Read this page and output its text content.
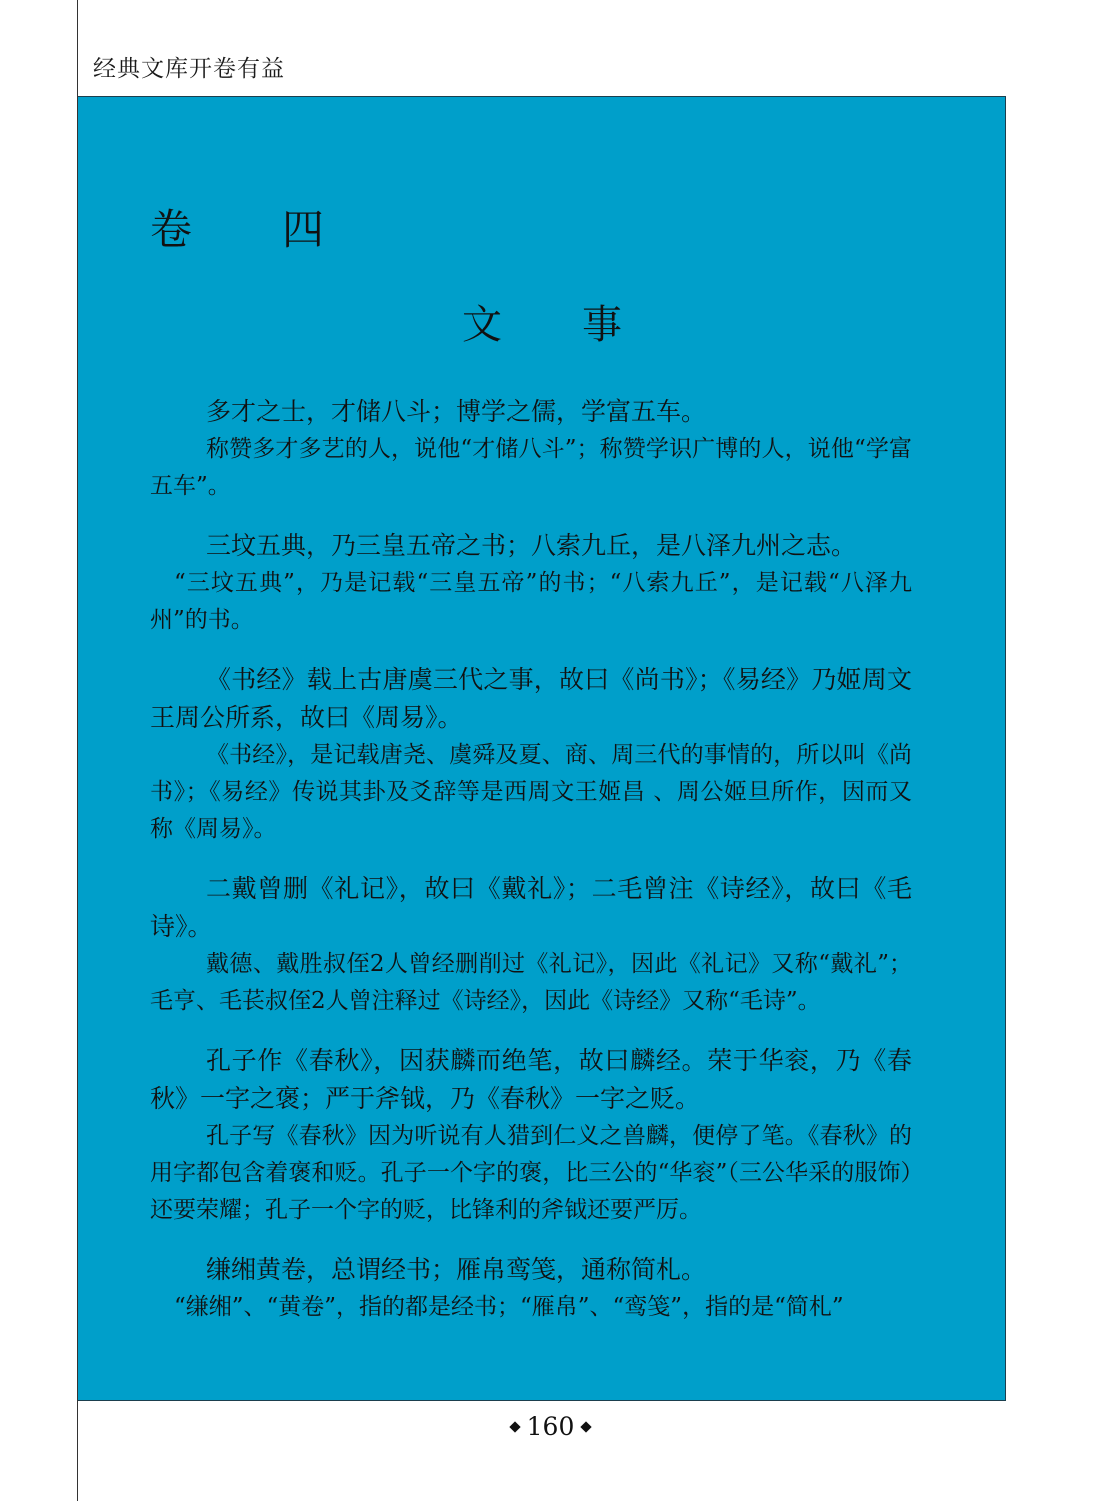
经典文库开卷有益
卷　　四
文　　事

多才之士，才储八斗；博学之儒，学富五车。

称赞多才多艺的人，说他“才储八斗”；称赞学识广博的人，说他“学富五车”。

三坟五典，乃三皇五帝之书；八索九丘，是八泽九州之志。

“三坟五典”，乃是记载“三皇五帝”的书；“八索九丘”，是记载“八泽九州”的书。

《书经》载上古唐虞三代之事，故曰《尚书》；《易经》乃姬周文王周公所系，故曰《周易》。

《书经》，是记载唐尧、虞舜及夏、商、周三代的事情的，所以叫《尚书》；《易经》传说其卦及爻辞等是西周文王姬昌 、周公姬旦所作，因而又称《周易》。

二戴曾删《礼记》，故曰《戴礼》；二毛曾注《诗经》，故曰《毛诗》。

戴德、戴胜叔侄2人曾经删削过《礼记》，因此《礼记》又称“戴礼”；毛亨、毛苌叔侄2人曾注释过《诗经》，因此《诗经》又称“毛诗”。

孔子作《春秋》，因获麟而绝笔，故曰麟经。荣于华衮，乃《春秋》一字之褒；严于斧钺，乃《春秋》一字之贬。

孔子写《春秋》因为听说有人猎到仁义之兽麟，便停了笔。《春秋》的用字都包含着褒和贬。孔子一个字的褒，比三公的“华衮”（三公华采的服饰）还要荣耀；孔子一个字的贬，比锋利的斧钺还要严厉。

缣缃黄卷，总谓经书；雁帛鸾笺，通称简札。

“缣缃”、“黄卷”，指的都是经书；“雁帛”、“鸾笺”，指的是“简札”

160
